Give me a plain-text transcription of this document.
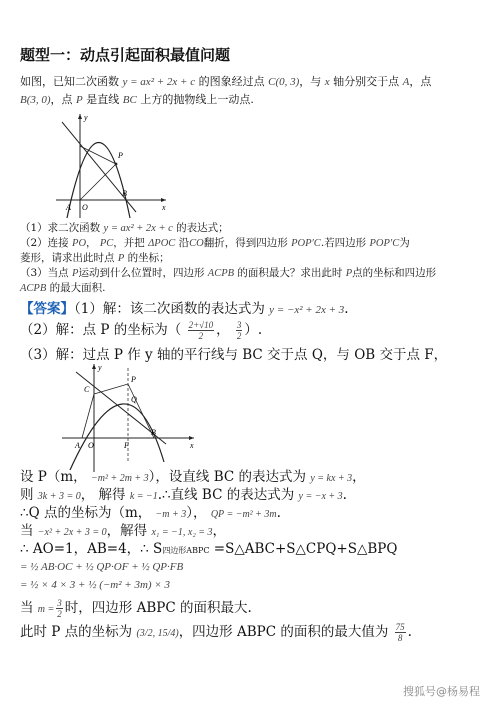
题型一：动点引起面积最值问题
如图，已知二次函数 y = ax² + 2x + c 的图象经过点 C(0, 3)，与 x 轴分别交于点 A，点
B(3, 0)，点 P 是直线 BC 上方的抛物线上一动点.
P
B
A O	x
y
（1）求二次函数 y = ax² + 2x + c 的表达式；
（2）连接 PO， PC，并把 ΔPOC 沿CO翻折，得到四边形 POP′C.若四边形 POP′C为
菱形，请求出此时点 P 的坐标；
（3）当点 P运动到什么位置时，四边形 ACPB 的面积最大？求出此时 P点的坐标和四边形
ACPB 的最大面积.
【答案】（1）解：该二次函数的表达式为 y = −x² + 2x + 3.
（2）解：点 P 的坐标为（ $\frac{2+√10}{2}$ ， $\frac{3}{2}$ ）.
（3）解：过点 P 作 y 轴的平行线与 BC 交于点 Q，与 OB 交于点 F，
C
P
Q
B
A O	F	x
y
设 P（m， −m² + 2m + 3），设直线 BC 的表达式为 y = kx + 3，
则 3k + 3 = 0， 解得 k = −1.∴直线 BC 的表达式为 y = −x + 3.
∴Q 点的坐标为（m， −m + 3）， QP = −m² + 3m.
当 −x² + 2x + 3 = 0，解得 x₁ = −1, x₂ = 3，
∴ AO=1，AB=4，∴ S四边形ABPC =S△ABC+S△CPQ+S△BPQ
= ½ AB·OC + ½ QP·OF + ½ QP·FB
= ½ × 4 × 3 + ½ (−m² + 3m) × 3
当 $m = \frac{3}{2}$ 时，四边形 ABPC 的面积最大.
此时 P 点的坐标为 (3/2, 15/4)，四边形 ABPC 的面积的最大值为 $\frac{75}{8}$ .
搜狐号@杨易程
